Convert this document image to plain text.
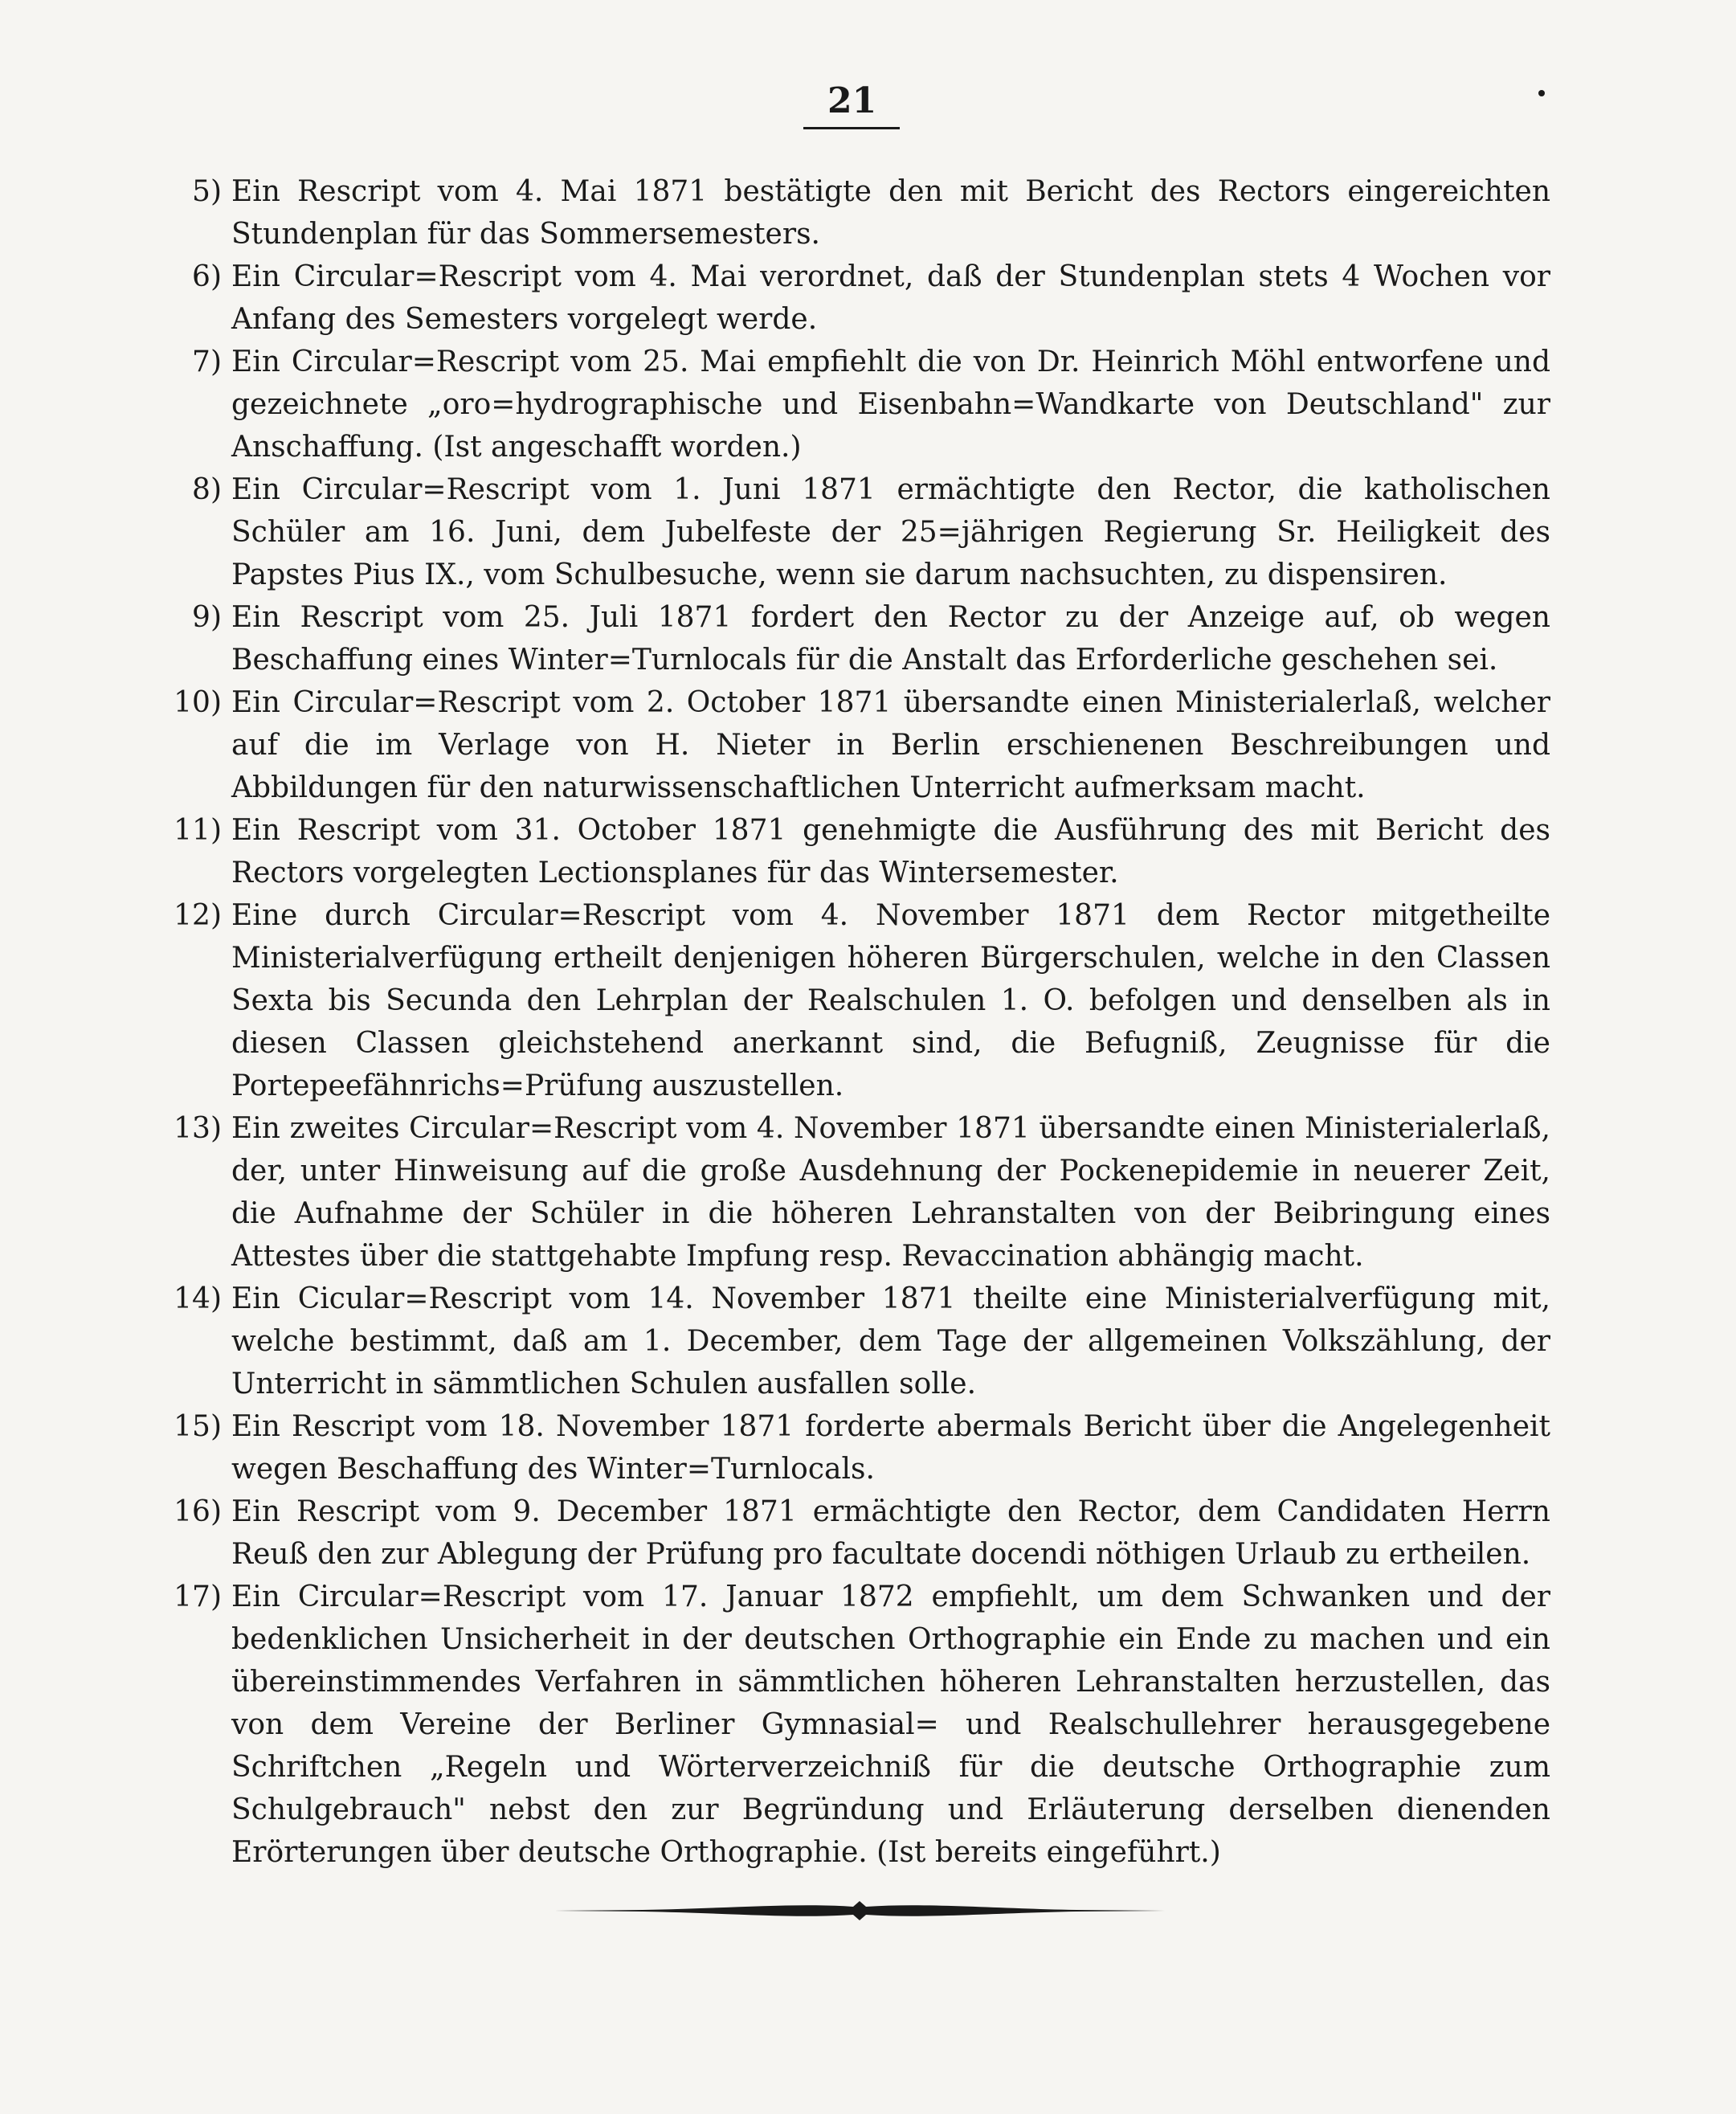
21
5) Ein Rescript vom 4. Mai 1871 bestätigte den mit Bericht des Rectors eingereichten Stundenplan für das Sommersemesters.
6) Ein Circular=Rescript vom 4. Mai verordnet, daß der Stundenplan stets 4 Wochen vor Anfang des Semesters vorgelegt werde.
7) Ein Circular=Rescript vom 25. Mai empfiehlt die von Dr. Heinrich Möhl entworfene und gezeichnete „oro=hydrographische und Eisenbahn=Wandkarte von Deutschland" zur Anschaffung. (Ist angeschafft worden.)
8) Ein Circular=Rescript vom 1. Juni 1871 ermächtigte den Rector, die katholischen Schüler am 16. Juni, dem Jubelfeste der 25=jährigen Regierung Sr. Heiligkeit des Papstes Pius IX., vom Schulbesuche, wenn sie darum nachsuchten, zu dispensiren.
9) Ein Rescript vom 25. Juli 1871 fordert den Rector zu der Anzeige auf, ob wegen Beschaffung eines Winter=Turnlocals für die Anstalt das Erforderliche geschehen sei.
10) Ein Circular=Rescript vom 2. October 1871 übersandte einen Ministerialerlaß, welcher auf die im Verlage von H. Nieter in Berlin erschienenen Beschreibungen und Abbildungen für den naturwissenschaftlichen Unterricht aufmerksam macht.
11) Ein Rescript vom 31. October 1871 genehmigte die Ausführung des mit Bericht des Rectors vorgelegten Lectionsplanes für das Wintersemester.
12) Eine durch Circular=Rescript vom 4. November 1871 dem Rector mitgetheilte Ministerialverfügung ertheilt denjenigen höheren Bürgerschulen, welche in den Classen Sexta bis Secunda den Lehrplan der Realschulen 1. O. befolgen und denselben als in diesen Classen gleichstehend anerkannt sind, die Befugniß, Zeugnisse für die Portepeefähnrichs=Prüfung auszustellen.
13) Ein zweites Circular=Rescript vom 4. November 1871 übersandte einen Ministerialerlaß, der, unter Hinweisung auf die große Ausdehnung der Pockenepidemie in neuerer Zeit, die Aufnahme der Schüler in die höheren Lehranstalten von der Beibringung eines Attestes über die stattgehabte Impfung resp. Revaccination abhängig macht.
14) Ein Cicular=Rescript vom 14. November 1871 theilte eine Ministerialverfügung mit, welche bestimmt, daß am 1. December, dem Tage der allgemeinen Volkszählung, der Unterricht in sämmtlichen Schulen ausfallen solle.
15) Ein Rescript vom 18. November 1871 forderte abermals Bericht über die Angelegenheit wegen Beschaffung des Winter=Turnlocals.
16) Ein Rescript vom 9. December 1871 ermächtigte den Rector, dem Candidaten Herrn Reuß den zur Ablegung der Prüfung pro facultate docendi nöthigen Urlaub zu ertheilen.
17) Ein Circular=Rescript vom 17. Januar 1872 empfiehlt, um dem Schwanken und der bedenklichen Unsicherheit in der deutschen Orthographie ein Ende zu machen und ein übereinstimmendes Verfahren in sämmtlichen höheren Lehranstalten herzustellen, das von dem Vereine der Berliner Gymnasial= und Realschullehrer herausgegebene Schriftchen „Regeln und Wörterverzeichniß für die deutsche Orthographie zum Schulgebrauch" nebst den zur Begründung und Erläuterung derselben dienenden Erörterungen über deutsche Orthographie. (Ist bereits eingeführt.)
